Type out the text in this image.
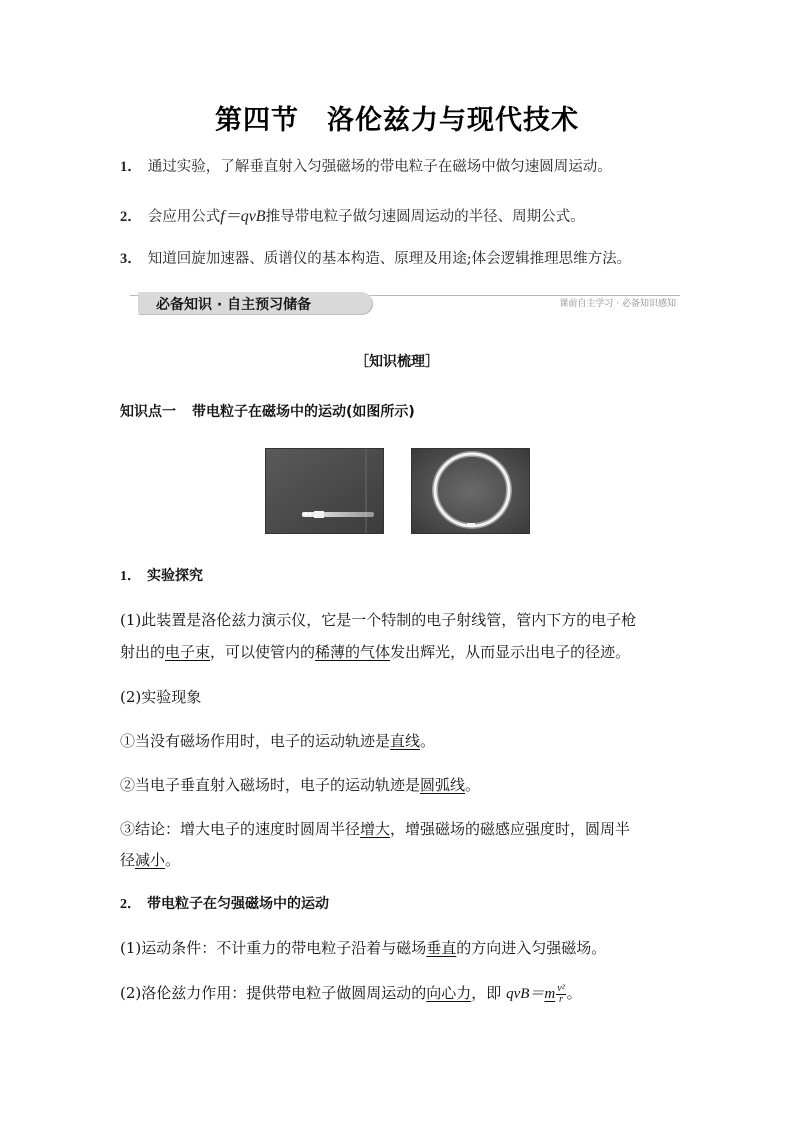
第四节　洛伦兹力与现代技术
1． 通过实验，了解垂直射入匀强磁场的带电粒子在磁场中做匀速圆周运动。
2． 会应用公式f＝qvB推导带电粒子做匀速圆周运动的半径、周期公式。
3． 知道回旋加速器、质谱仪的基本构造、原理及用途;体会逻辑推理思维方法。
必备知识 · 自主预习储备	课前自主学习 · 必备知识感知
［知识梳理］
知识点一 带电粒子在磁场中的运动(如图所示)
1． 实验探究
(1)此装置是洛伦兹力演示仪，它是一个特制的电子射线管，管内下方的电子枪
射出的电子束，可以使管内的稀薄的气体发出辉光，从而显示出电子的径迹。
(2)实验现象
①当没有磁场作用时，电子的运动轨迹是直线。
②当电子垂直射入磁场时，电子的运动轨迹是圆弧线。
③结论：增大电子的速度时圆周半径增大，增强磁场的磁感应强度时，圆周半
径减小。
2． 带电粒子在匀强磁场中的运动
(1)运动条件：不计重力的带电粒子沿着与磁场垂直的方向进入匀强磁场。
(2)洛伦兹力作用：提供带电粒子做圆周运动的向心力，即 $qvB=m \frac{\text{v²}}{r}$ 。
